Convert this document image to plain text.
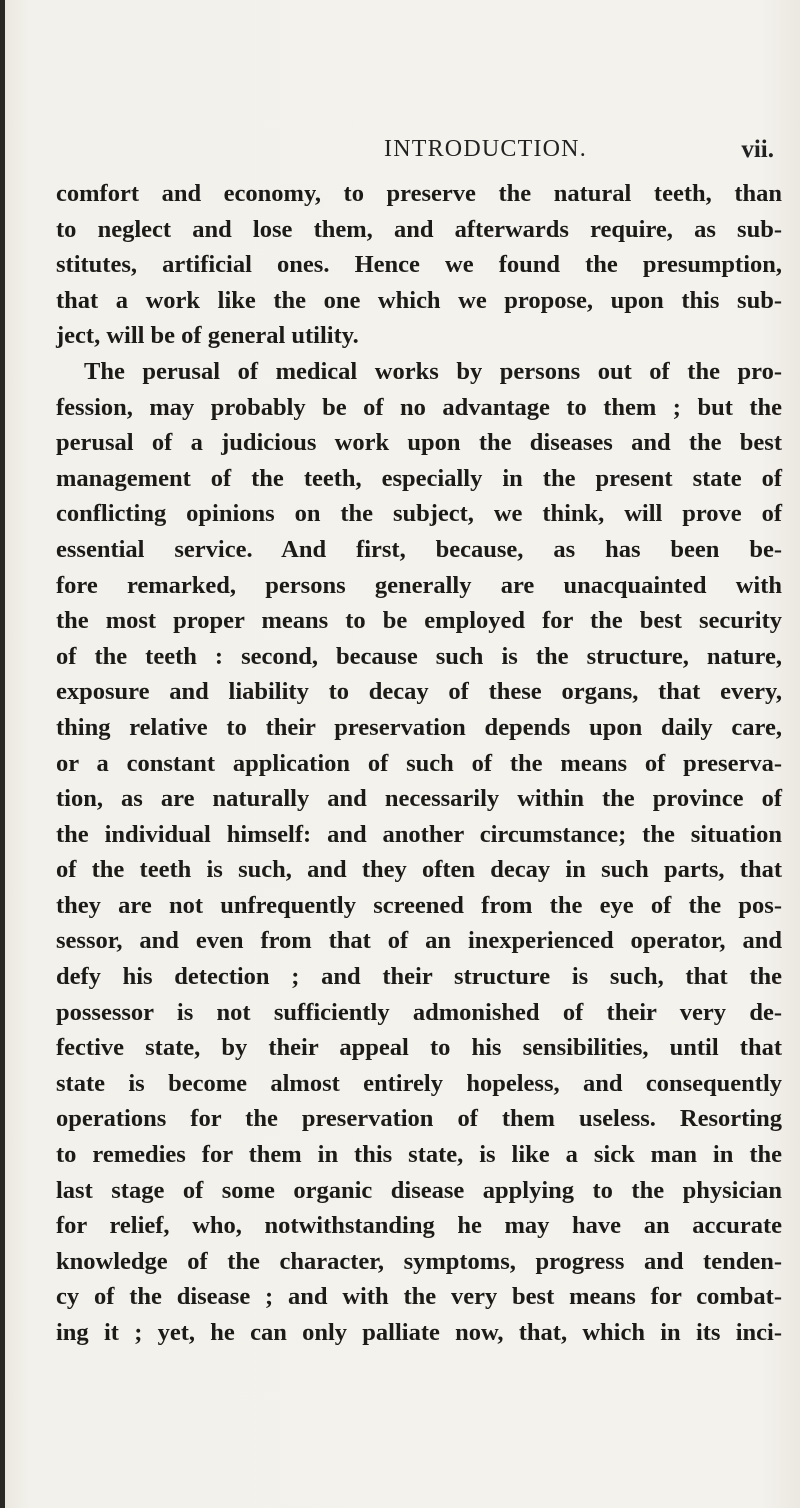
INTRODUCTION.	vii.
comfort and economy, to preserve the natural teeth, than
to neglect and lose them, and afterwards require, as sub-
stitutes, artificial ones. Hence we found the presumption,
that a work like the one which we propose, upon this sub-
ject, will be of general utility.
The perusal of medical works by persons out of the pro-
fession, may probably be of no advantage to them ; but the
perusal of a judicious work upon the diseases and the best
management of the teeth, especially in the present state of
conflicting opinions on the subject, we think, will prove of
essential service. And first, because, as has been be-
fore remarked, persons generally are unacquainted with
the most proper means to be employed for the best security
of the teeth : second, because such is the structure, nature,
exposure and liability to decay of these organs, that every,
thing relative to their preservation depends upon daily care,
or a constant application of such of the means of preserva-
tion, as are naturally and necessarily within the province of
the individual himself: and another circumstance; the situation
of the teeth is such, and they often decay in such parts, that
they are not unfrequently screened from the eye of the pos-
sessor, and even from that of an inexperienced operator, and
defy his detection ; and their structure is such, that the
possessor is not sufficiently admonished of their very de-
fective state, by their appeal to his sensibilities, until that
state is become almost entirely hopeless, and consequently
operations for the preservation of them useless. Resorting
to remedies for them in this state, is like a sick man in the
last stage of some organic disease applying to the physician
for relief, who, notwithstanding he may have an accurate
knowledge of the character, symptoms, progress and tenden-
cy of the disease ; and with the very best means for combat-
ing it ; yet, he can only palliate now, that, which in its inci-
